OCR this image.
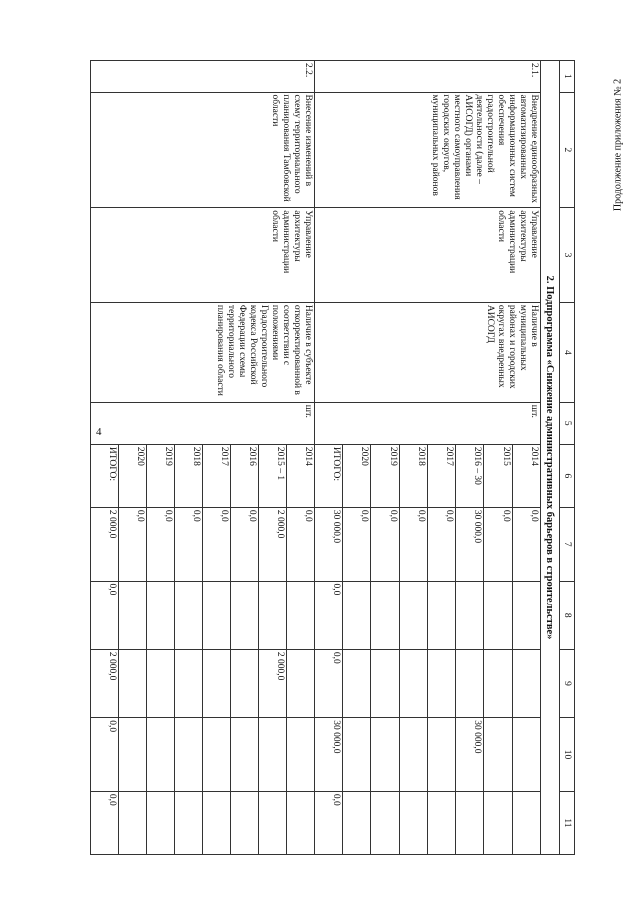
4
Продолжение приложения № 2
1	2	3	4	5	6	7	8	9	10	11
2. Подпрограмма «Снижение административных барьеров в строительстве»										
2.1.	Внедрение единообразных автоматизированных информационных систем обеспечения градостроительной деятельности (далее – АИСОГД) органами местного самоуправления городских округов, муниципальных районов	Управление архитектуры администрации области	Наличие в муниципальных районах и городских округах внедренных АИСОГД	шт.	2014	0,0				
					2015	0,0				
					2016 – 30	30 000,0			30 000,0	
					2017	0,0				
					2018	0,0				
					2019	0,0				
					2020	0,0				
					ИТОГО:	30 000,0	0,0	0,0	30 000,0	0,0
2.2.	Внесение изменений в схему территориального планирования Тамбовской области	Управление архитектуры администрации области	Наличие в субъекте откорректированной в соответствии с положениями Градостроительного кодекса Российской Федерации схемы территориального планирования области	шт.	2014	0,0				
					2015 – 1	2 000,0		2 000,0		
					2016	0,0				
					2017	0,0				
					2018	0,0				
					2019	0,0				
					2020	0,0				
					ИТОГО:	2 000,0	0,0	2 000,0	0,0	0,0
